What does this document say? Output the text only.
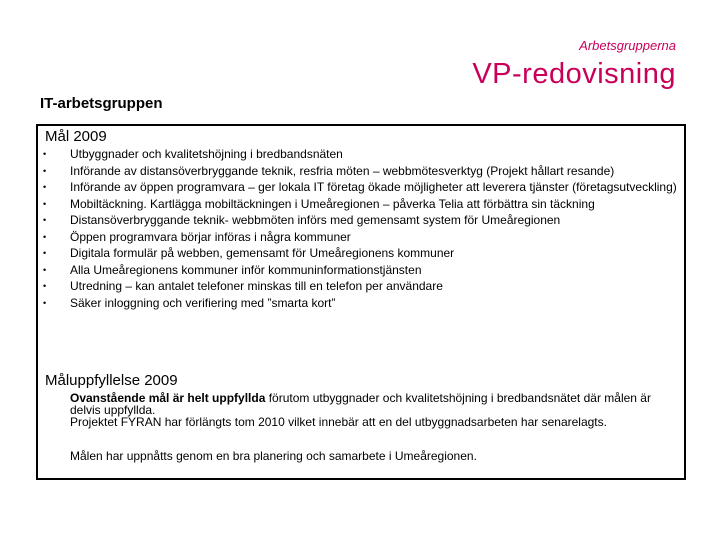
Arbetsgrupperna
VP-redovisning
IT-arbetsgruppen
Mål 2009
• Utbyggnader och kvalitetshöjning i bredbandsnäten
• Införande av distansöverbryggande teknik, resfria möten – webbmötesverktyg (Projekt hållart resande)
• Införande av öppen programvara – ger lokala IT företag ökade möjligheter att leverera tjänster (företagsutveckling)
• Mobiltäckning. Kartlägga mobiltäckningen i Umeåregionen – påverka Telia att förbättra sin täckning
• Distansöverbryggande teknik- webbmöten införs med gemensamt system för Umeåregionen
• Öppen programvara börjar införas i några kommuner
• Digitala formulär på webben, gemensamt för Umeåregionens kommuner
• Alla Umeåregionens kommuner inför kommuninformationstjänsten
• Utredning – kan antalet telefoner minskas till en telefon per användare
• Säker inloggning och verifiering med ”smarta kort”
Måluppfyllelse 2009

Ovanstående mål är helt uppfyllda förutom utbyggnader och kvalitetshöjning i bredbandsnätet där målen är delvis uppfyllda.

Projektet FYRAN har förlängts tom 2010 vilket innebär att en del utbyggnadsarbeten har senarelagts.

Målen har uppnåtts genom en bra planering och samarbete i Umeåregionen.
